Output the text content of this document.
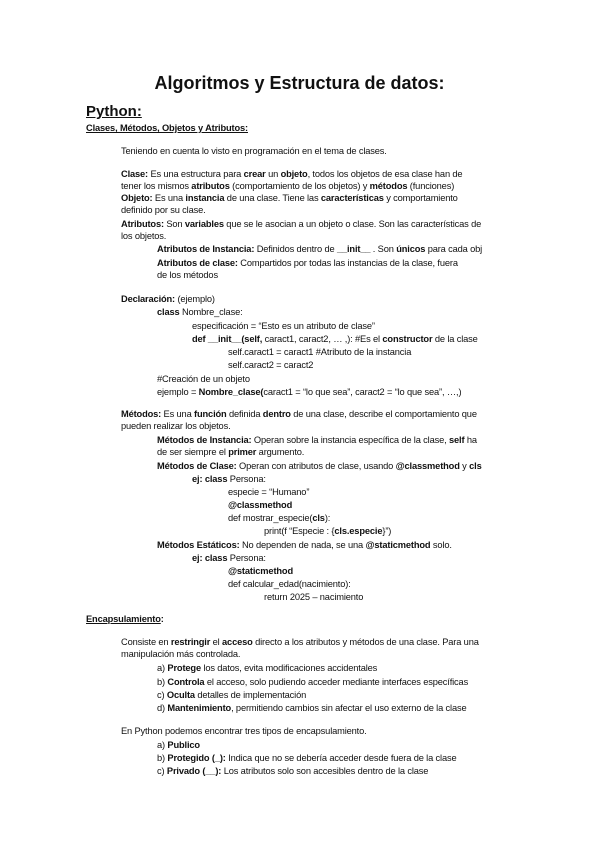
Algoritmos y Estructura de datos:
Python:
Clases, Métodos, Objetos y Atributos:
Teniendo en cuenta lo visto en programación en el tema de clases.
Clase: Es una estructura para crear un objeto, todos los objetos de esa clase han de
tener los mismos atributos (comportamiento de los objetos) y métodos (funciones)
Objeto: Es una instancia de una clase. Tiene las características y comportamiento
definido por su clase.
Atributos: Son variables que se le asocian a un objeto o clase. Son las características de
los objetos.
Atributos de Instancia: Definidos dentro de __init__ . Son únicos para cada obj
Atributos de clase: Compartidos por todas las instancias de la clase, fuera
de los métodos
Declaración: (ejemplo)
class Nombre_clase:
especificación = “Esto es un atributo de clase”
def __init__(self, caract1, caract2, … ,): #Es el constructor de la clase
self.caract1 = caract1 #Atributo de la instancia
self.caract2 = caract2
#Creación de un objeto
ejemplo = Nombre_clase(caract1 = “lo que sea”, caract2 = “lo que sea”, …,)
Métodos: Es una función definida dentro de una clase, describe el comportamiento que
pueden realizar los objetos.
Métodos de Instancia: Operan sobre la instancia específica de la clase, self ha
de ser siempre el primer argumento.
Métodos de Clase: Operan con atributos de clase, usando @classmethod y cls
ej: class Persona:
especie = “Humano”
@classmethod
def mostrar_especie(cls):
print(f “Especie : {cls.especie}”)
Métodos Estáticos: No dependen de nada, se una @staticmethod solo.
ej: class Persona:
@staticmethod
def calcular_edad(nacimiento):
return 2025 – nacimiento
Encapsulamiento:
Consiste en restringir el acceso directo a los atributos y métodos de una clase. Para una
manipulación más controlada.
a) Protege los datos, evita modificaciones accidentales
b) Controla el acceso, solo pudiendo acceder mediante interfaces específicas
c) Oculta detalles de implementación
d) Mantenimiento, permitiendo cambios sin afectar el uso externo de la clase
En Python podemos encontrar tres tipos de encapsulamiento.
a) Publico
b) Protegido (_): Indica que no se debería acceder desde fuera de la clase
c) Privado (__): Los atributos solo son accesibles dentro de la clase
